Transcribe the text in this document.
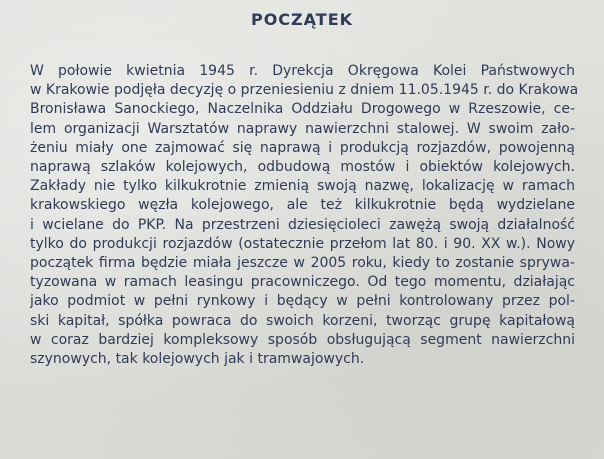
POCZĄTEK
W połowie kwietnia 1945 r. Dyrekcja Okręgowa Kolei Państwowych
w Krakowie podjęła decyzję o przeniesieniu z dniem 11.05.1945 r. do Krakowa
Bronisława Sanockiego, Naczelnika Oddziału Drogowego w Rzeszowie, ce-
lem organizacji Warsztatów naprawy nawierzchni stalowej. W swoim zało-
żeniu miały one zajmować się naprawą i produkcją rozjazdów, powojenną
naprawą szlaków kolejowych, odbudową mostów i obiektów kolejowych.
Zakłady nie tylko kilkukrotnie zmienią swoją nazwę, lokalizację w ramach
krakowskiego węzła kolejowego, ale też kilkukrotnie będą wydzielane
i wcielane do PKP. Na przestrzeni dziesięcioleci zawężą swoją działalność
tylko do produkcji rozjazdów (ostatecznie przełom lat 80. i 90. XX w.). Nowy
początek firma będzie miała jeszcze w 2005 roku, kiedy to zostanie sprywa-
tyzowana w ramach leasingu pracowniczego. Od tego momentu, działając
jako podmiot w pełni rynkowy i będący w pełni kontrolowany przez pol-
ski kapitał, spółka powraca do swoich korzeni, tworząc grupę kapitałową
w coraz bardziej kompleksowy sposób obsługującą segment nawierzchni
szynowych, tak kolejowych jak i tramwajowych.
